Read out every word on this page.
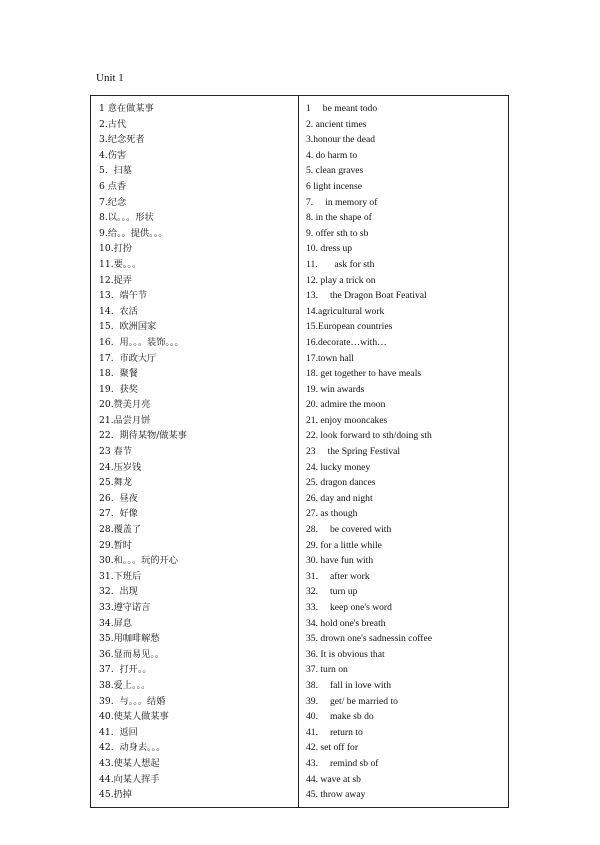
Unit 1
1 意在做某事
2.古代
3.纪念死者
4.伤害
5.  扫墓
6 点香
7.纪念
8.以。。。形状
9.给。。提供。。。
10.打扮
11.要。。。
12.捉弄
13.  端午节
14.  农活
15.  欧洲国家
16.  用。。。装饰。。。
17.  市政大厅
18.  聚餐
19.  获奖
20.赞美月亮
21.品尝月饼
22.  期待某物/做某事
23 春节
24.压岁钱
25.舞龙
26.  昼夜
27.  好像
28.覆盖了
29.暂时
30.和。。。玩的开心
31.下班后
32.  出现
33.遵守诺言
34.屏息
35.用咖啡解愁
36.显而易见。。
37.  打开。。
38.爱上。。。
39.  与。。。结婚
40.使某人做某事
41.  返回
42.  动身去。。。
43.使某人想起
44.向某人挥手
45.扔掉
1     be meant todo
2. ancient times
3.honour the dead
4. do harm to
5. clean graves
6 light incense
7.     in memory of
8. in the shape of
9. offer sth to sb
10. dress up
11.       ask for sth
12. play a trick on
13.     the Dragon Boat Featival
14.agricultural work
15.European countries
16.decorate…with…
17.town hall
18. get together to have meals
19. win awards
20. admire the moon
21. enjoy mooncakes
22. look forward to sth/doing sth
23     the Spring Festival
24. lucky money
25. dragon dances
26. day and night
27. as though
28.     be covered with
29. for a little while
30. have fun with
31.     after work
32.     turn up
33.     keep one's word
34. hold one's breath
35. drown one's sadnessin coffee
36. It is obvious that
37. turn on
38.     fall in love with
39.     get/ be married to
40.     make sb do
41.     return to
42. set off for
43.     remind sb of
44. wave at sb
45. throw away
